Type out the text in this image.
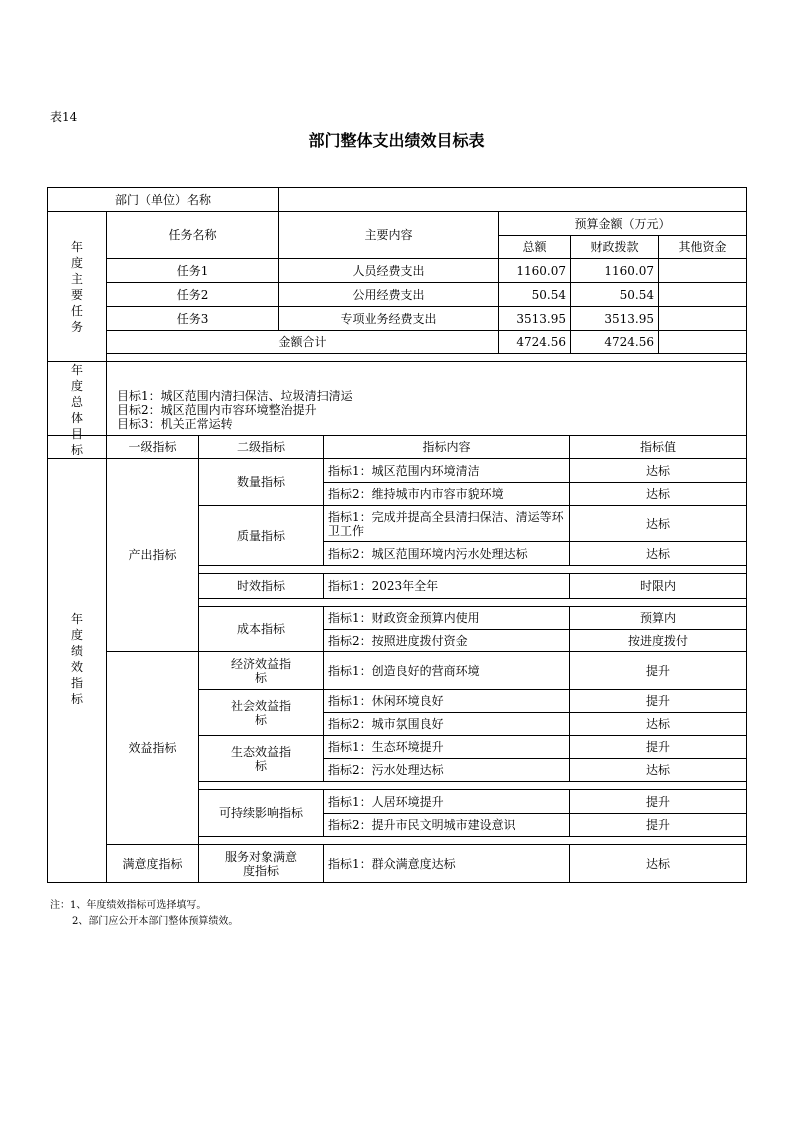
表14
部门整体支出绩效目标表
部门（单位）名称					

年度主要任务	任务名称	主要内容	预算金额（万元）		
			总额	财政拨款	其他资金
	任务1	人员经费支出	1160.07	1160.07	
	任务2	公用经费支出	50.54	50.54	
	任务3	专项业务经费支出	3513.95	3513.95	
	金额合计		4724.56	4724.56	

年度总体目标	目标1：城区范围内清扫保洁、垃圾清扫清运
目标2：城区范围内市容环境整治提升
目标3：机关正常运转				
年度绩效指标	一级指标	二级指标	指标内容	指标值
	产出指标	数量指标	指标1：城区范围内环境清洁	达标
			指标2：维持城市内市容市貌环境	达标
		质量指标	指标1：完成并提高全县清扫保洁、清运等环卫工作	达标
			指标2：城区范围环境内污水处理达标	达标

		时效指标	指标1：2023年全年	时限内

		成本指标	指标1：财政资金预算内使用	预算内
			指标2：按照进度拨付资金	按进度拨付
	效益指标	经济效益指标	指标1：创造良好的营商环境	提升
		社会效益指标	指标1：休闲环境良好	提升
			指标2：城市氛围良好	达标
		生态效益指标	指标1：生态环境提升	提升
			指标2：污水处理达标	达标

		可持续影响指标	指标1：人居环境提升	提升
			指标2：提升市民文明城市建设意识	提升

	满意度指标	服务对象满意度指标	指标1：群众满意度达标	达标
注：1、年度绩效指标可选择填写。
2、部门应公开本部门整体预算绩效。
